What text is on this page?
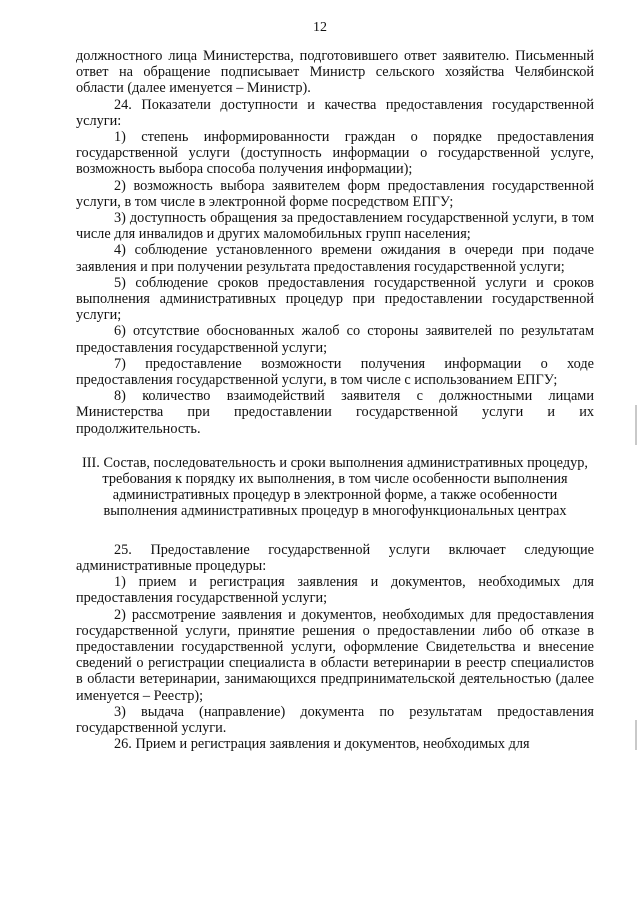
12

должностного лица Министерства, подготовившего ответ заявителю. Письменный ответ на обращение подписывает Министр сельского хозяйства Челябинской области (далее именуется – Министр).

24. Показатели доступности и качества предоставления государственной услуги:

1) степень информированности граждан о порядке предоставления государственной услуги (доступность информации о государственной услуге, возможность выбора способа получения информации);

2) возможность выбора заявителем форм предоставления государственной услуги, в том числе в электронной форме посредством ЕПГУ;

3) доступность обращения за предоставлением государственной услуги, в том числе для инвалидов и других маломобильных групп населения;

4) соблюдение установленного времени ожидания в очереди при подаче заявления и при получении результата предоставления государственной услуги;

5) соблюдение сроков предоставления государственной услуги и сроков выполнения административных процедур при предоставлении государственной услуги;

6) отсутствие обоснованных жалоб со стороны заявителей по результатам предоставления государственной услуги;

7) предоставление возможности получения информации о ходе предоставления государственной услуги, в том числе с использованием ЕПГУ;

8) количество взаимодействий заявителя с должностными лицами Министерства при предоставлении государственной услуги и их продолжительность.

III. Состав, последовательность и сроки выполнения административных процедур, требования к порядку их выполнения, в том числе особенности выполнения административных процедур в электронной форме, а также особенности выполнения административных процедур в многофункциональных центрах

25. Предоставление государственной услуги включает следующие административные процедуры:

1) прием и регистрация заявления и документов, необходимых для предоставления государственной услуги;

2) рассмотрение заявления и документов, необходимых для предоставления государственной услуги, принятие решения о предоставлении либо об отказе в предоставлении государственной услуги, оформление Свидетельства и внесение сведений о регистрации специалиста в области ветеринарии в реестр специалистов в области ветеринарии, занимающихся предпринимательской деятельностью (далее именуется – Реестр);

3) выдача (направление) документа по результатам предоставления государственной услуги.

26. Прием и регистрация заявления и документов, необходимых для
